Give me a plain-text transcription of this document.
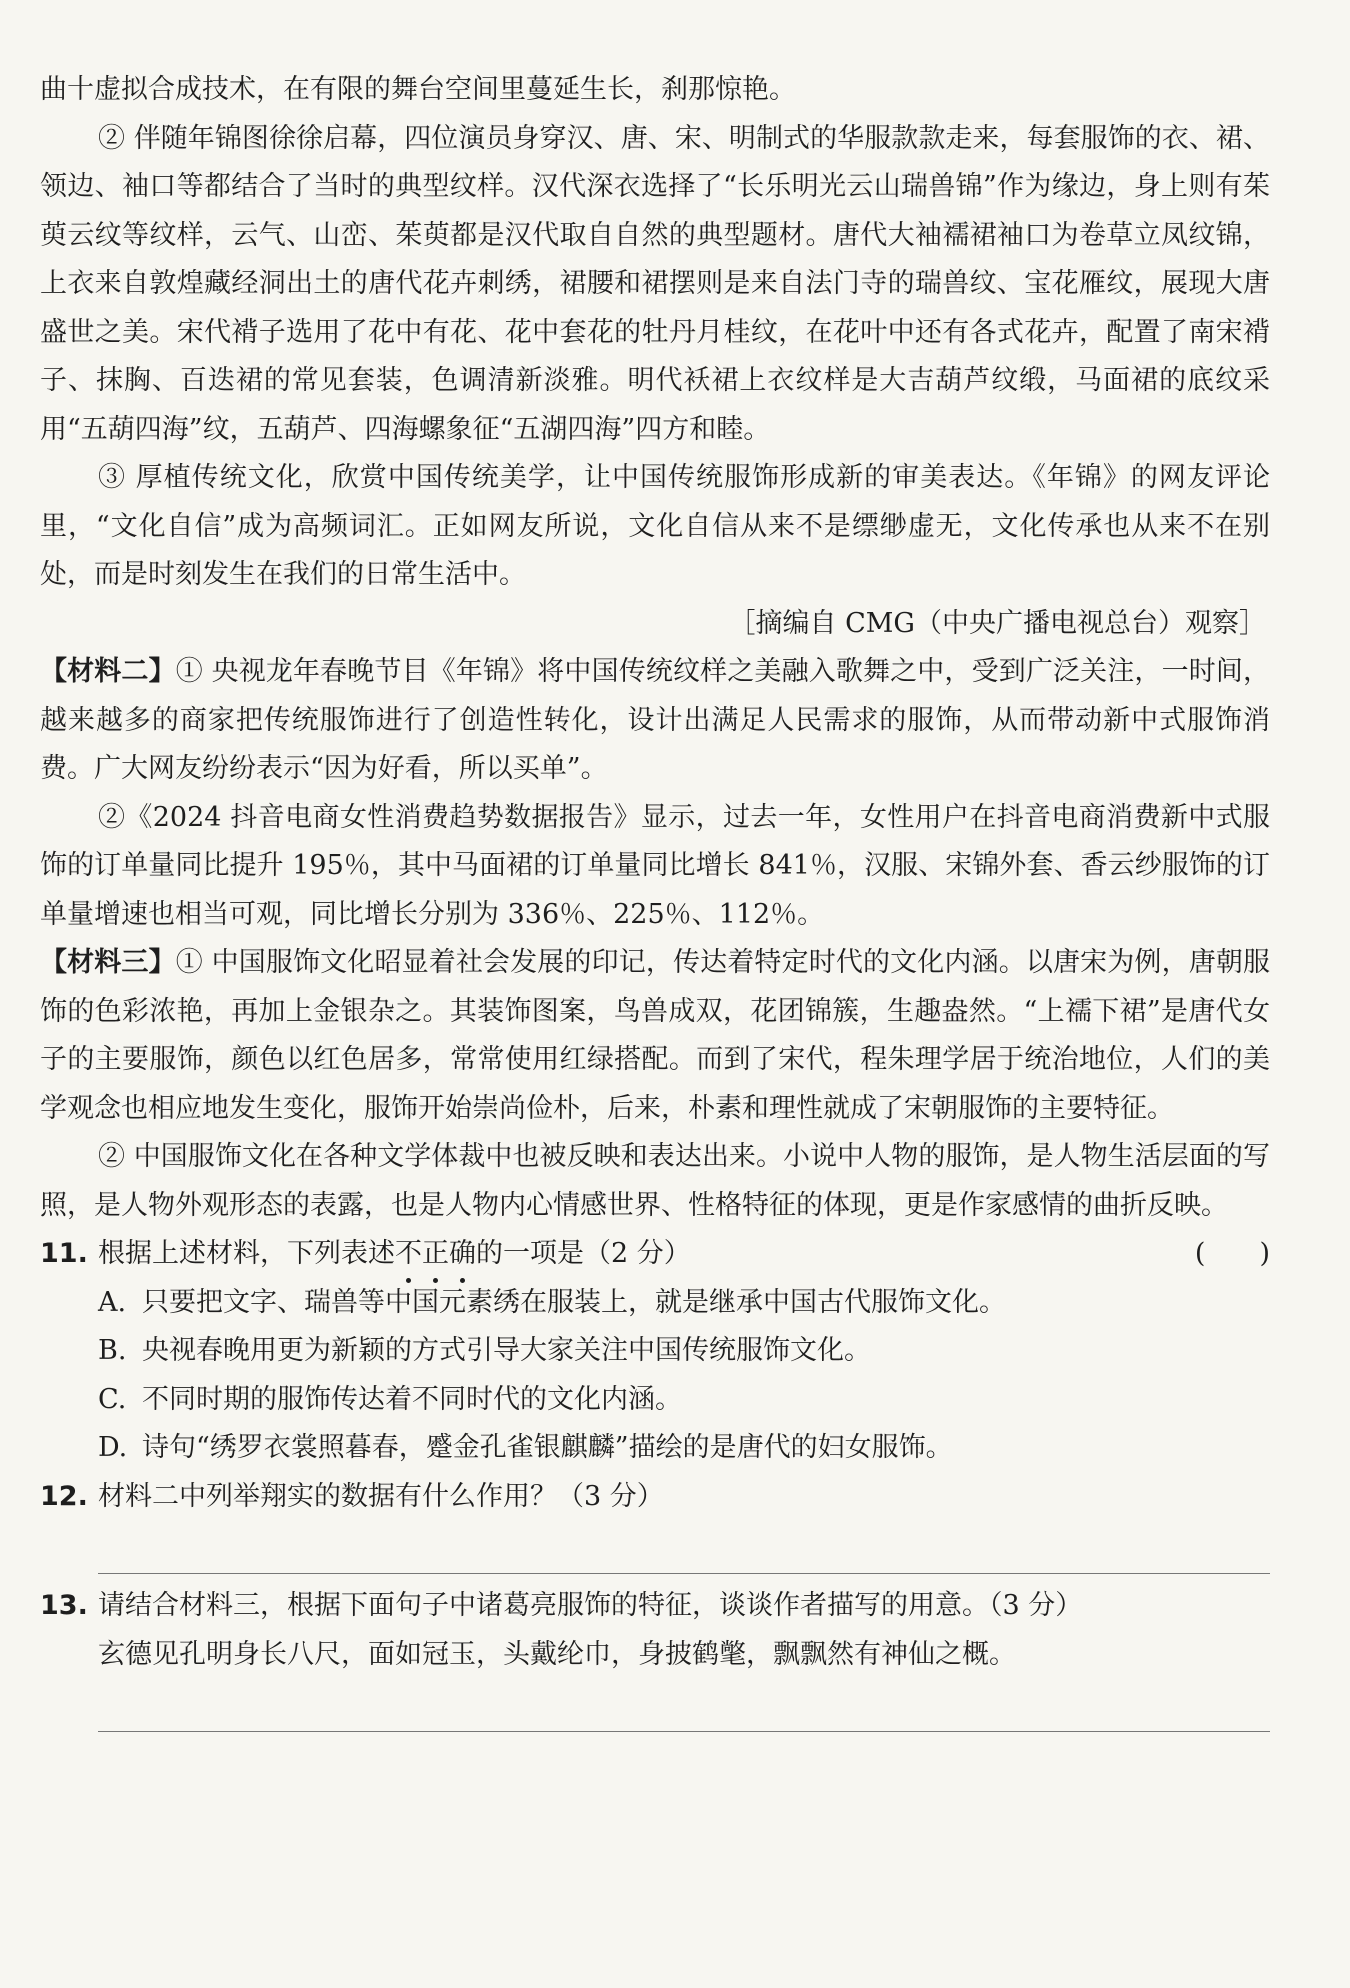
曲十虚拟合成技术，在有限的舞台空间里蔓延生长，刹那惊艳。

② 伴随年锦图徐徐启幕，四位演员身穿汉、唐、宋、明制式的华服款款走来，每套服饰的衣、裙、领边、袖口等都结合了当时的典型纹样。汉代深衣选择了“长乐明光云山瑞兽锦”作为缘边，身上则有茱萸云纹等纹样，云气、山峦、茱萸都是汉代取自自然的典型题材。唐代大袖襦裙袖口为卷草立凤纹锦，上衣来自敦煌藏经洞出土的唐代花卉刺绣，裙腰和裙摆则是来自法门寺的瑞兽纹、宝花雁纹，展现大唐盛世之美。宋代褙子选用了花中有花、花中套花的牡丹月桂纹，在花叶中还有各式花卉，配置了南宋褙子、抹胸、百迭裙的常见套装，色调清新淡雅。明代袄裙上衣纹样是大吉葫芦纹缎，马面裙的底纹采用“五葫四海”纹，五葫芦、四海螺象征“五湖四海”四方和睦。

③ 厚植传统文化，欣赏中国传统美学，让中国传统服饰形成新的审美表达。《年锦》的网友评论里，“文化自信”成为高频词汇。正如网友所说，文化自信从来不是缥缈虚无，文化传承也从来不在别处，而是时刻发生在我们的日常生活中。

［摘编自 CMG（中央广播电视总台）观察］

【材料二】① 央视龙年春晚节目《年锦》将中国传统纹样之美融入歌舞之中，受到广泛关注，一时间，越来越多的商家把传统服饰进行了创造性转化，设计出满足人民需求的服饰，从而带动新中式服饰消费。广大网友纷纷表示“因为好看，所以买单”。

②《2024 抖音电商女性消费趋势数据报告》显示，过去一年，女性用户在抖音电商消费新中式服饰的订单量同比提升 195％，其中马面裙的订单量同比增长 841％，汉服、宋锦外套、香云纱服饰的订单量增速也相当可观，同比增长分别为 336％、225％、112％。

【材料三】① 中国服饰文化昭显着社会发展的印记，传达着特定时代的文化内涵。以唐宋为例，唐朝服饰的色彩浓艳，再加上金银杂之。其装饰图案，鸟兽成双，花团锦簇，生趣盎然。“上襦下裙”是唐代女子的主要服饰，颜色以红色居多，常常使用红绿搭配。而到了宋代，程朱理学居于统治地位，人们的美学观念也相应地发生变化，服饰开始崇尚俭朴，后来，朴素和理性就成了宋朝服饰的主要特征。

② 中国服饰文化在各种文学体裁中也被反映和表达出来。小说中人物的服饰，是人物生活层面的写照，是人物外观形态的表露，也是人物内心情感世界、性格特征的体现，更是作家感情的曲折反映。

11. 根据上述材料，下列表述不正确的一项是（2 分）	(　　)
A. 只要把文字、瑞兽等中国元素绣在服装上，就是继承中国古代服饰文化。
B. 央视春晚用更为新颖的方式引导大家关注中国传统服饰文化。
C. 不同时期的服饰传达着不同时代的文化内涵。
D. 诗句“绣罗衣裳照暮春，蹙金孔雀银麒麟”描绘的是唐代的妇女服饰。
12. 材料二中列举翔实的数据有什么作用？（3 分）
13. 请结合材料三，根据下面句子中诸葛亮服饰的特征，谈谈作者描写的用意。（3 分）
玄德见孔明身长八尺，面如冠玉，头戴纶巾，身披鹤氅，飘飘然有神仙之概。
